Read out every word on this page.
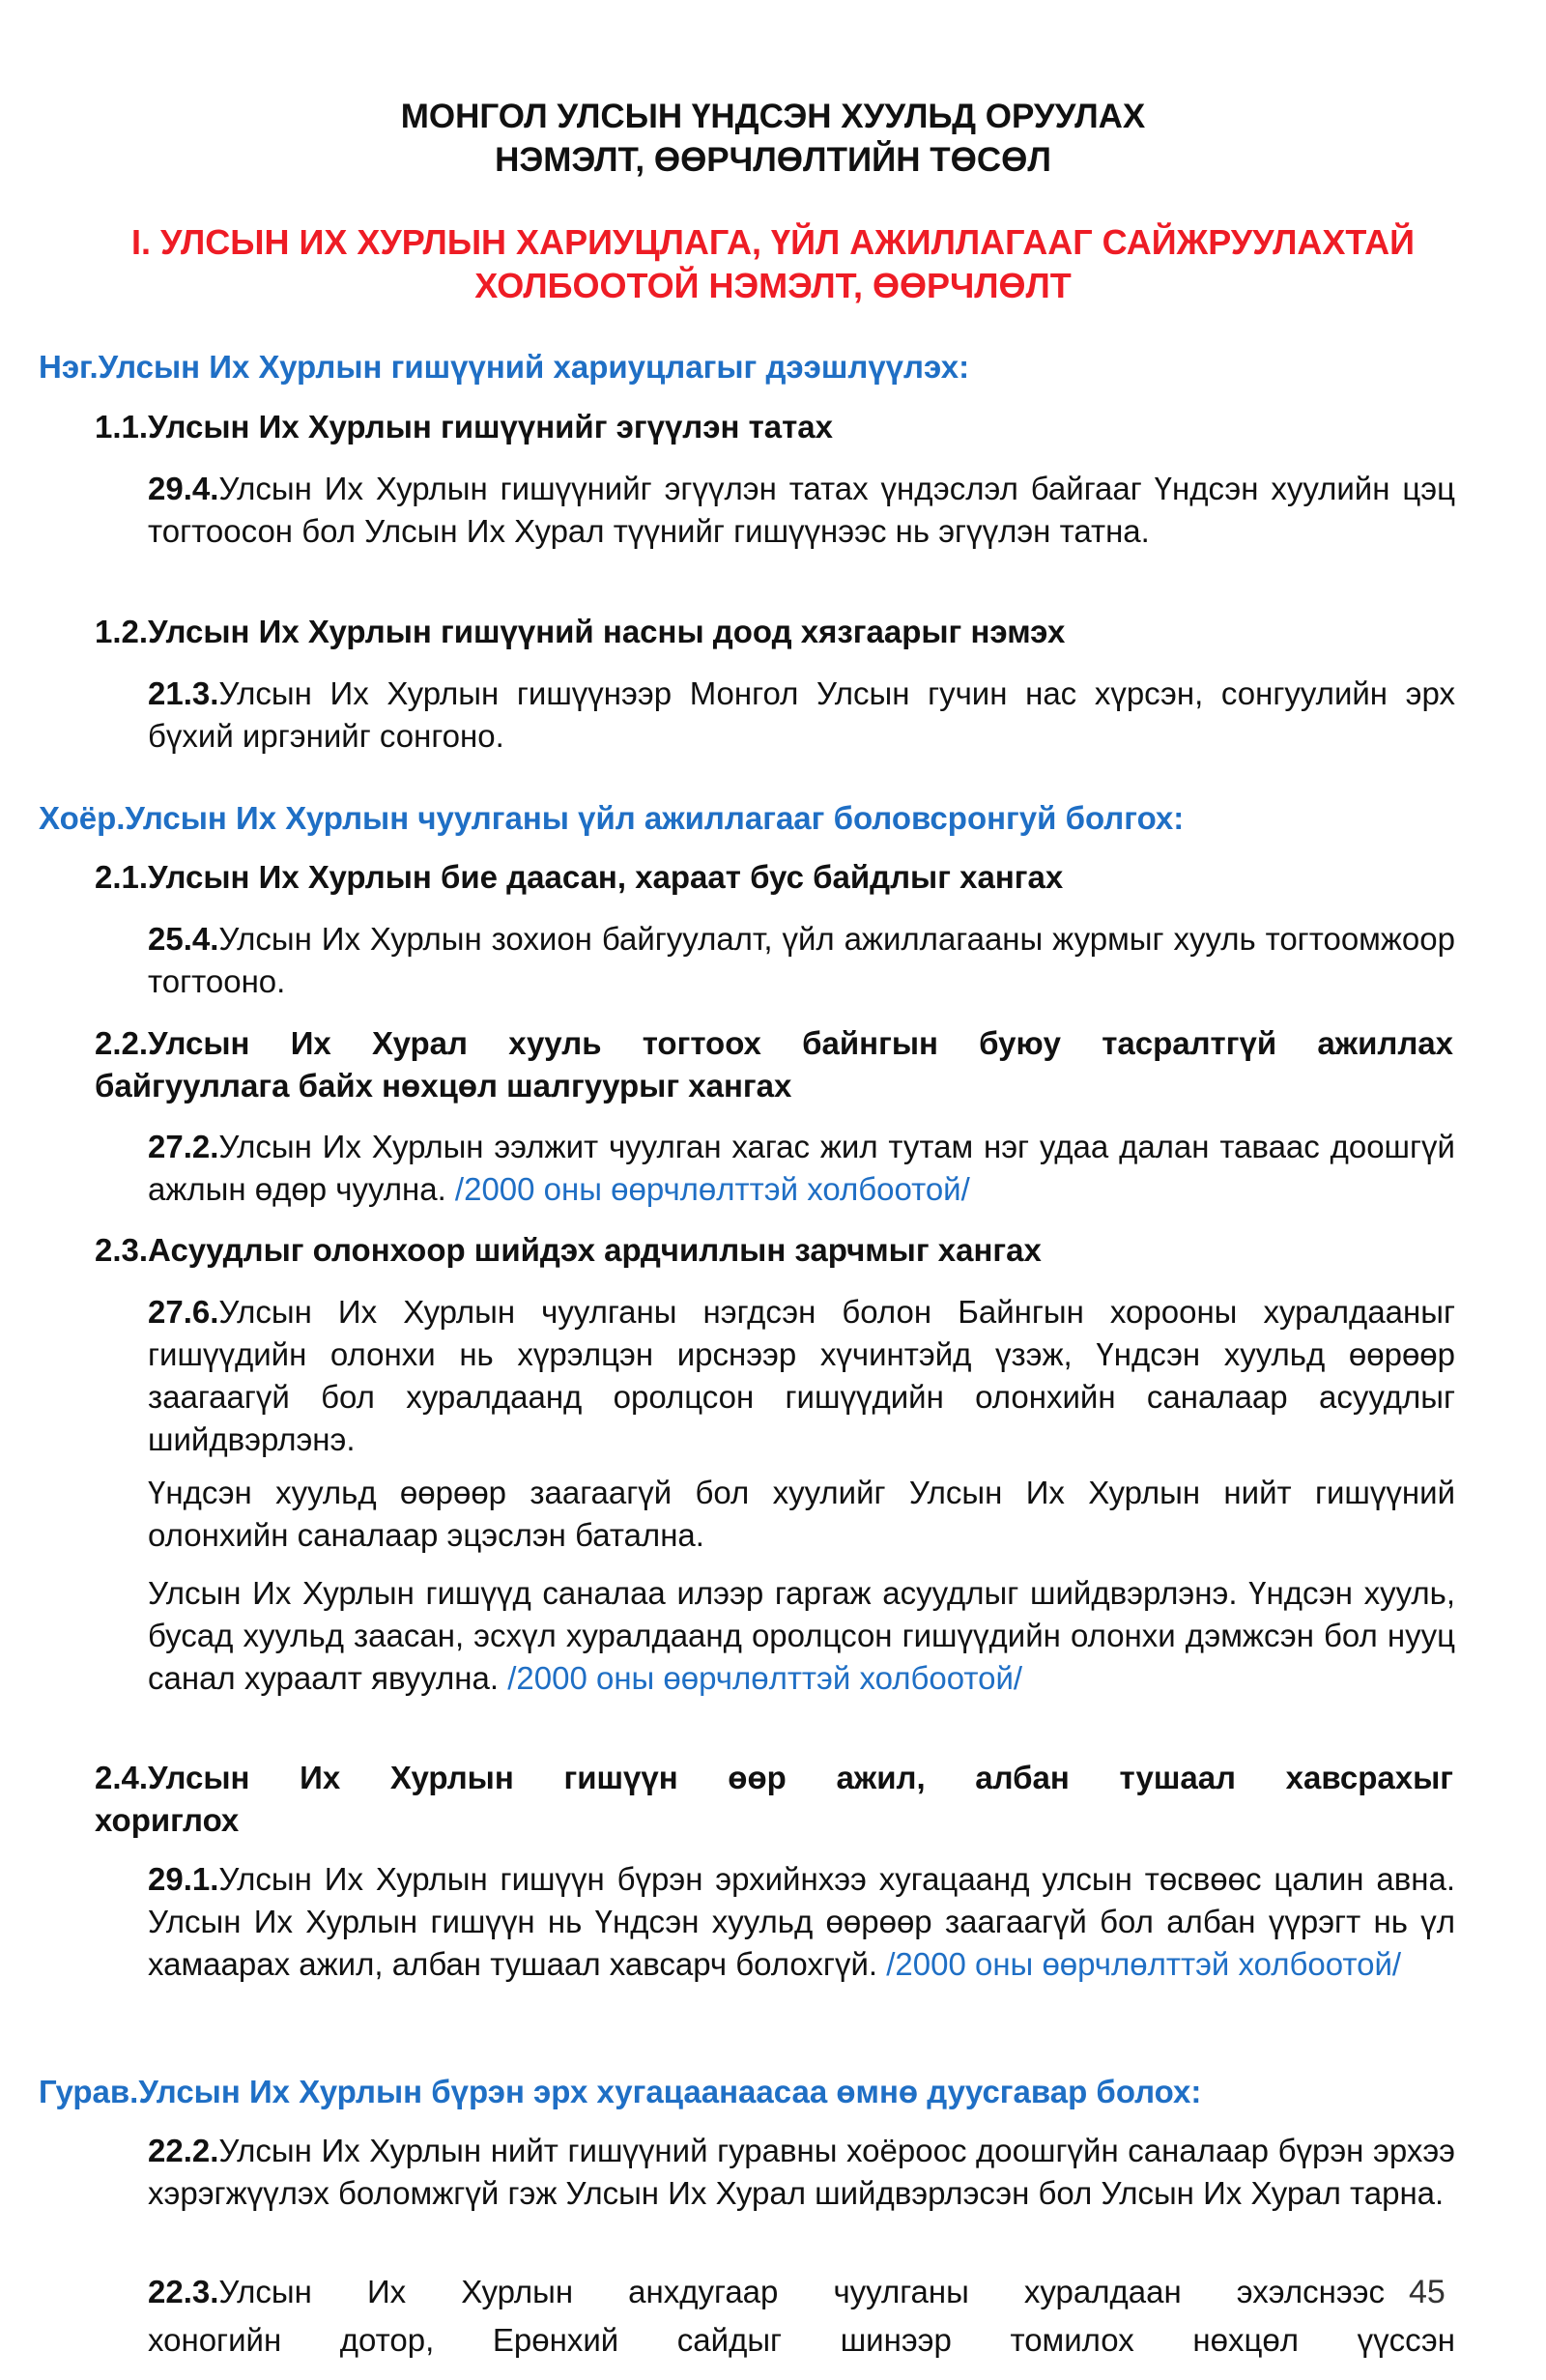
МОНГОЛ УЛСЫН ҮНДСЭН ХУУЛЬД ОРУУЛАХ
НЭМЭЛТ, ӨӨРЧЛӨЛТИЙН ТӨСӨЛ
I. УЛСЫН ИХ ХУРЛЫН ХАРИУЦЛАГА, ҮЙЛ АЖИЛЛАГААГ САЙЖРУУЛАХТАЙ
ХОЛБООТОЙ НЭМЭЛТ, ӨӨРЧЛӨЛТ
Нэг.Улсын Их Хурлын гишүүний хариуцлагыг дээшлүүлэх:
1.1.Улсын Их Хурлын гишүүнийг эгүүлэн татах
29.4.Улсын Их Хурлын гишүүнийг эгүүлэн татах үндэслэл байгааг Үндсэн хуулийн цэц тогтоосон бол Улсын Их Хурал түүнийг гишүүнээс нь эгүүлэн татна.
1.2.Улсын Их Хурлын гишүүний насны доод хязгаарыг нэмэх
21.3.Улсын Их Хурлын гишүүнээр Монгол Улсын гучин нас хүрсэн, сонгуулийн эрх бүхий иргэнийг сонгоно.
Хоёр.Улсын Их Хурлын чуулганы үйл ажиллагааг боловсронгуй болгох:
2.1.Улсын Их Хурлын бие даасан, хараат бус байдлыг хангах
25.4.Улсын Их Хурлын зохион байгуулалт, үйл ажиллагааны журмыг хууль тогтоомжоор тогтооно.
2.2.Улсын Их Хурал хууль тогтоох байнгын буюу тасралтгүй ажиллах
байгууллага байх нөхцөл шалгуурыг хангах
27.2.Улсын Их Хурлын ээлжит чуулган хагас жил тутам нэг удаа далан таваас доошгүй ажлын өдөр чуулна. /2000 оны өөрчлөлттэй холбоотой/
2.3.Асуудлыг олонхоор шийдэх ардчиллын зарчмыг хангах
27.6.Улсын Их Хурлын чуулганы нэгдсэн болон Байнгын хорооны хуралдааныг гишүүдийн олонхи нь хүрэлцэн ирснээр хүчинтэйд үзэж, Үндсэн хуульд өөрөөр заагаагүй бол хуралдаанд оролцсон гишүүдийн олонхийн саналаар асуудлыг шийдвэрлэнэ.
Үндсэн хуульд өөрөөр заагаагүй бол хуулийг Улсын Их Хурлын нийт гишүүний олонхийн саналаар эцэслэн батална.
Улсын Их Хурлын гишүүд саналаа илээр гаргаж асуудлыг шийдвэрлэнэ. Үндсэн хууль, бусад хуульд заасан, эсхүл хуралдаанд оролцсон гишүүдийн олонхи дэмжсэн бол нууц санал хураалт явуулна. /2000 оны өөрчлөлттэй холбоотой/
2.4.Улсын Их Хурлын гишүүн өөр ажил, албан тушаал хавсрахыг
хориглох
29.1.Улсын Их Хурлын гишүүн бүрэн эрхийнхээ хугацаанд улсын төсвөөс цалин авна. Улсын Их Хурлын гишүүн нь Үндсэн хуульд өөрөөр заагаагүй бол албан үүрэгт нь үл хамаарах ажил, албан тушаал хавсарч болохгүй. /2000 оны өөрчлөлттэй холбоотой/
Гурав.Улсын Их Хурлын бүрэн эрх хугацаанаасаа өмнө дуусгавар болох:
22.2.Улсын Их Хурлын нийт гишүүний гуравны хоёроос доошгүйн саналаар бүрэн эрхээ хэрэгжүүлэх боломжгүй гэж Улсын Их Хурал шийдвэрлэсэн бол Улсын Их Хурал тарна.
22.3.Улсын Их Хурлын анхдугаар чуулганы хуралдаан эхэлснээс
хоногийн дотор, Ерөнхий сайдыг шинээр томилох нөхцөл үүссэн
45
